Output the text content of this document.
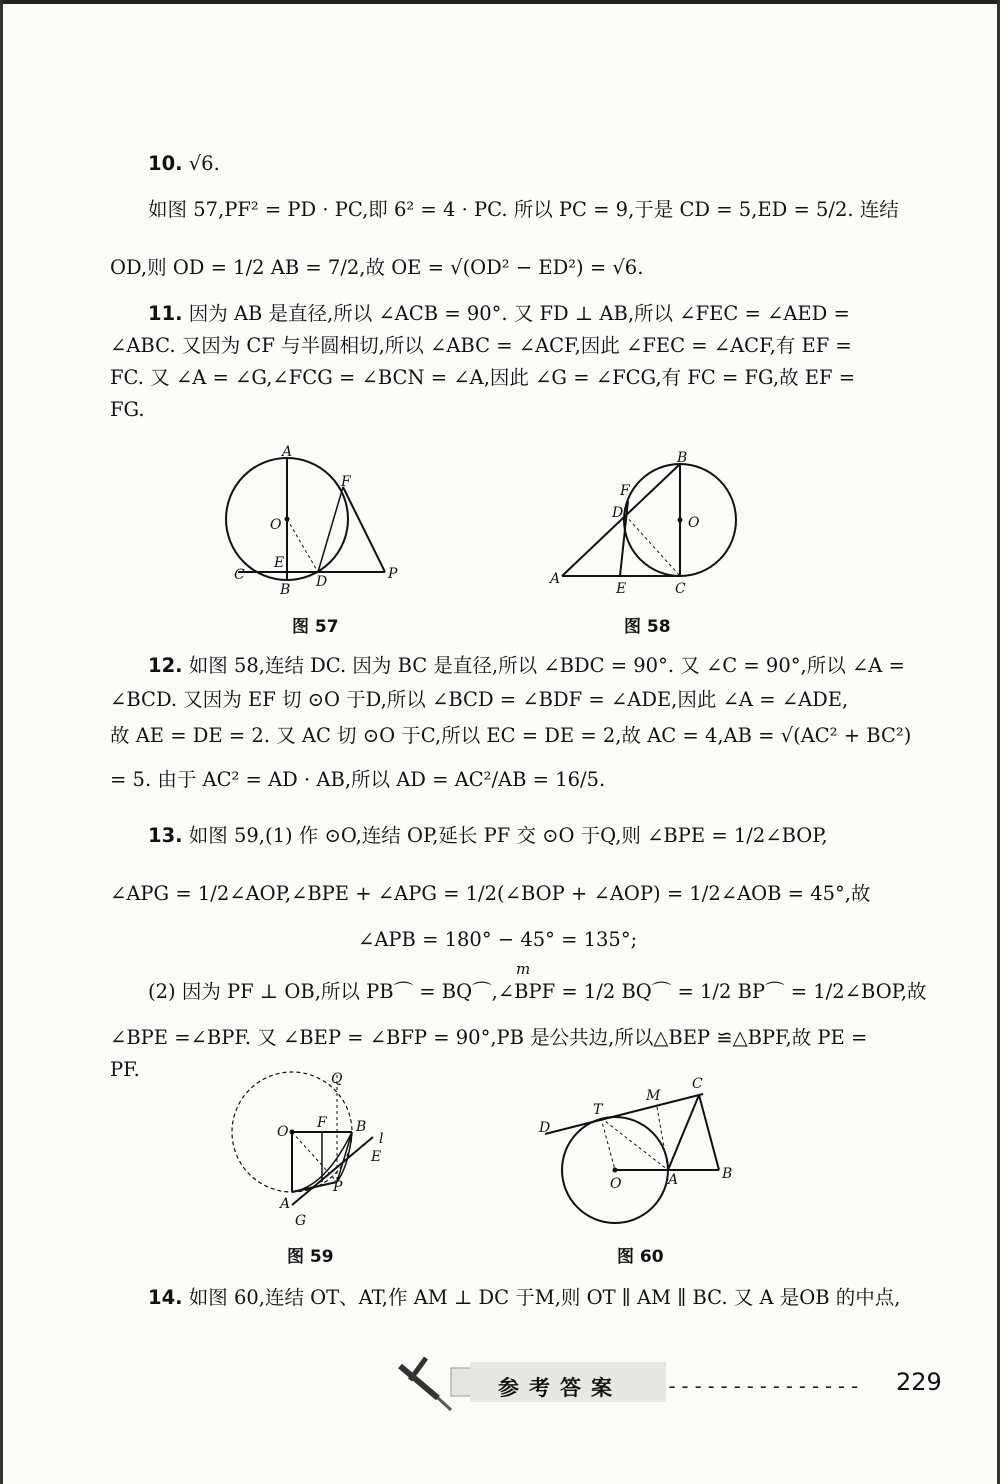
10. √6.
如图 57,PF² = PD · PC,即 6² = 4 · PC. 所以 PC = 9,于是 CD = 5,ED = 5/2. 连结
OD,则 OD = 1/2 AB = 7/2,故 OE = √(OD² − ED²) = √6.
11. 因为 AB 是直径,所以 ∠ACB = 90°. 又 FD ⊥ AB,所以 ∠FEC = ∠AED =
∠ABC. 又因为 CF 与半圆相切,所以 ∠ABC = ∠ACF,因此 ∠FEC = ∠ACF,有 EF =
FC. 又 ∠A = ∠G,∠FCG = ∠BCN = ∠A,因此 ∠G = ∠FCG,有 FC = FG,故 EF =
FG.
A
F
O
E
C
B D	P
图 57
B
F
D
O
A
E	C
图 58
12. 如图 58,连结 DC. 因为 BC 是直径,所以 ∠BDC = 90°. 又 ∠C = 90°,所以 ∠A =
∠BCD. 又因为 EF 切 ⊙O 于D,所以 ∠BCD = ∠BDF = ∠ADE,因此 ∠A = ∠ADE,
故 AE = DE = 2. 又 AC 切 ⊙O 于C,所以 EC = DE = 2,故 AC = 4,AB = √(AC² + BC²)
= 5. 由于 AC² = AD · AB,所以 AD = AC²/AB = 16/5.
13. 如图 59,(1) 作 ⊙O,连结 OP,延长 PF 交 ⊙O 于Q,则 ∠BPE = 1/2∠BOP,
∠APG = 1/2∠AOP,∠BPE + ∠APG = 1/2(∠BOP + ∠AOP) = 1/2∠AOB = 45°,故
∠APB = 180° − 45° = 135°;
m
(2) 因为 PF ⊥ OB,所以 PB⌒ = BQ⌒,∠BPF = 1/2 BQ⌒ = 1/2 BP⌒ = 1/2∠BOP,故
∠BPE =∠BPF. 又 ∠BEP = ∠BFP = 90°,PB 是公共边,所以△BEP ≌△BPF,故 PE =
PF.	Q
O
F B
l
E
P
A
G
图 59
C
M
T
D
O	A	B
图 60
14. 如图 60,连结 OT、AT,作 AM ⊥ DC 于M,则 OT ∥ AM ∥ BC. 又 A 是OB 的中点,
参考答案 --------------- 229
